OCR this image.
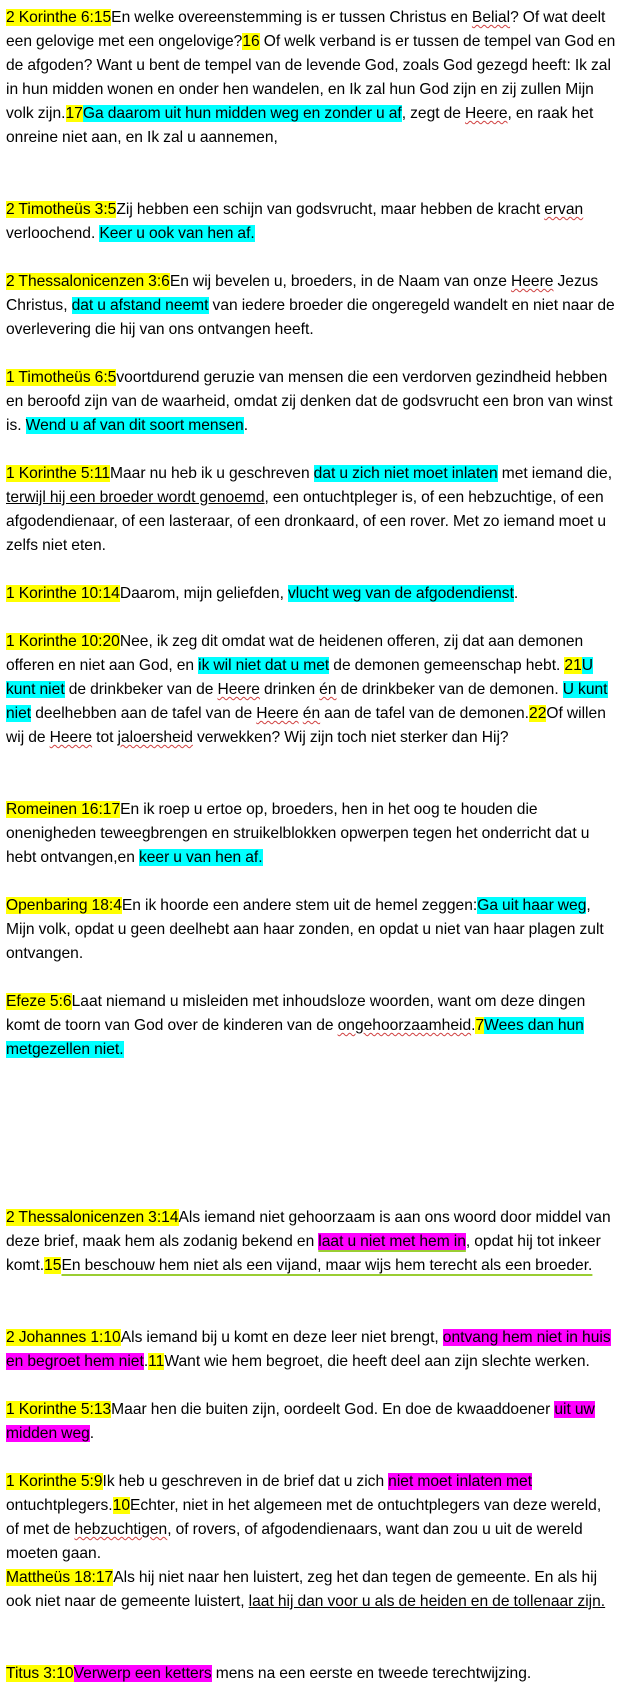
2 Korinthe 6:15En welke overeenstemming is er tussen Christus en Belial? Of wat deelt een gelovige met een ongelovige?16 Of welk verband is er tussen de tempel van God en de afgoden? Want u bent de tempel van de levende God, zoals God gezegd heeft: Ik zal in hun midden wonen en onder hen wandelen, en Ik zal hun God zijn en zij zullen Mijn volk zijn.17Ga daarom uit hun midden weg en zonder u af, zegt de Heere, en raak het onreine niet aan, en Ik zal u aannemen,

2 Timotheüs 3:5Zij hebben een schijn van godsvrucht, maar hebben de kracht ervan verloochend. Keer u ook van hen af.

2 Thessalonicenzen 3:6En wij bevelen u, broeders, in de Naam van onze Heere Jezus Christus, dat u afstand neemt van iedere broeder die ongeregeld wandelt en niet naar de overlevering die hij van ons ontvangen heeft.

1 Timotheüs 6:5voortdurend geruzie van mensen die een verdorven gezindheid hebben en beroofd zijn van de waarheid, omdat zij denken dat de godsvrucht een bron van winst is. Wend u af van dit soort mensen.

1 Korinthe 5:11Maar nu heb ik u geschreven dat u zich niet moet inlaten met iemand die, terwijl hij een broeder wordt genoemd, een ontuchtpleger is, of een hebzuchtige, of een afgodendienaar, of een lasteraar, of een dronkaard, of een rover. Met zo iemand moet u zelfs niet eten.

1 Korinthe 10:14Daarom, mijn geliefden, vlucht weg van de afgodendienst.

1 Korinthe 10:20Nee, ik zeg dit omdat wat de heidenen offeren, zij dat aan demonen offeren en niet aan God, en ik wil niet dat u met de demonen gemeenschap hebt. 21U kunt niet de drinkbeker van de Heere drinken én de drinkbeker van de demonen. U kunt niet deelhebben aan de tafel van de Heere én aan de tafel van de demonen.22Of willen wij de Heere tot jaloersheid verwekken? Wij zijn toch niet sterker dan Hij?

Romeinen 16:17En ik roep u ertoe op, broeders, hen in het oog te houden die onenigheden teweegbrengen en struikelblokken opwerpen tegen het onderricht dat u hebt ontvangen,en keer u van hen af.

Openbaring 18:4En ik hoorde een andere stem uit de hemel zeggen:Ga uit haar weg, Mijn volk, opdat u geen deelhebt aan haar zonden, en opdat u niet van haar plagen zult ontvangen.

Efeze 5:6Laat niemand u misleiden met inhoudsloze woorden, want om deze dingen komt de toorn van God over de kinderen van de ongehoorzaamheid.7Wees dan hun metgezellen niet.

2 Thessalonicenzen 3:14Als iemand niet gehoorzaam is aan ons woord door middel van deze brief, maak hem als zodanig bekend en laat u niet met hem in, opdat hij tot inkeer komt.15En beschouw hem niet als een vijand, maar wijs hem terecht als een broeder.

2 Johannes 1:10Als iemand bij u komt en deze leer niet brengt, ontvang hem niet in huis en begroet hem niet.11Want wie hem begroet, die heeft deel aan zijn slechte werken.

1 Korinthe 5:13Maar hen die buiten zijn, oordeelt God. En doe de kwaaddoener uit uw midden weg.

1 Korinthe 5:9Ik heb u geschreven in de brief dat u zich niet moet inlaten met ontuchtplegers.10Echter, niet in het algemeen met de ontuchtplegers van deze wereld, of met de hebzuchtigen, of rovers, of afgodendienaars, want dan zou u uit de wereld moeten gaan.

Mattheüs 18:17Als hij niet naar hen luistert, zeg het dan tegen de gemeente. En als hij ook niet naar de gemeente luistert, laat hij dan voor u als de heiden en de tollenaar zijn.

Titus 3:10Verwerp een ketters mens na een eerste en tweede terechtwijzing.
